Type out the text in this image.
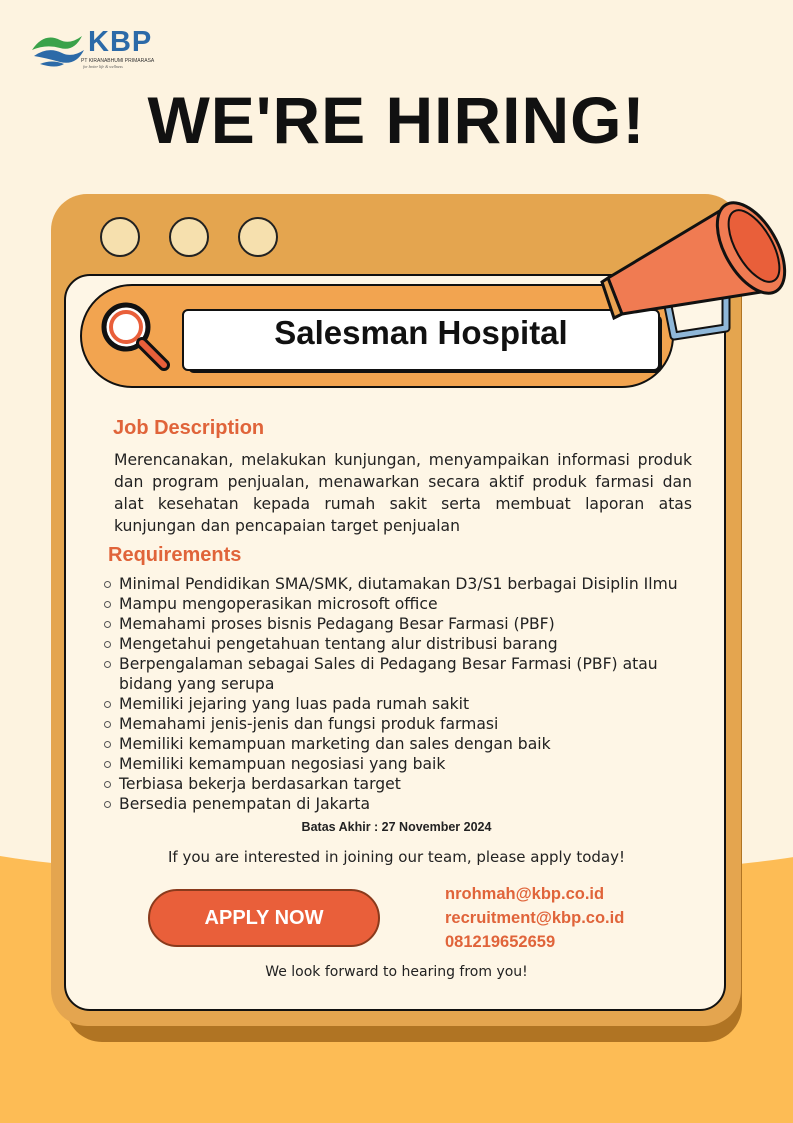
KBP
PT KIRANABHUMI PRIMARASA
for better life & wellness
WE'RE HIRING!
Salesman Hospital
Job Description
Merencanakan, melakukan kunjungan, menyampaikan informasi produk dan program penjualan, menawarkan secara aktif produk farmasi dan alat kesehatan kepada rumah sakit serta membuat laporan atas kunjungan dan pencapaian target penjualan
Requirements
Minimal Pendidikan SMA/SMK, diutamakan D3/S1 berbagai Disiplin Ilmu
Mampu mengoperasikan microsoft office
Memahami proses bisnis Pedagang Besar Farmasi (PBF)
Mengetahui pengetahuan tentang alur distribusi barang
Berpengalaman sebagai Sales di Pedagang Besar Farmasi (PBF) atau bidang yang serupa
Memiliki jejaring yang luas pada rumah sakit
Memahami jenis-jenis dan fungsi produk farmasi
Memiliki kemampuan marketing dan sales dengan baik
Memiliki kemampuan negosiasi yang baik
Terbiasa bekerja berdasarkan target
Bersedia penempatan di Jakarta
Batas Akhir : 27 November 2024
If you are interested in joining our team, please apply today!
APPLY NOW
nrohmah@kbp.co.id
recruitment@kbp.co.id
081219652659
We look forward to hearing from you!
